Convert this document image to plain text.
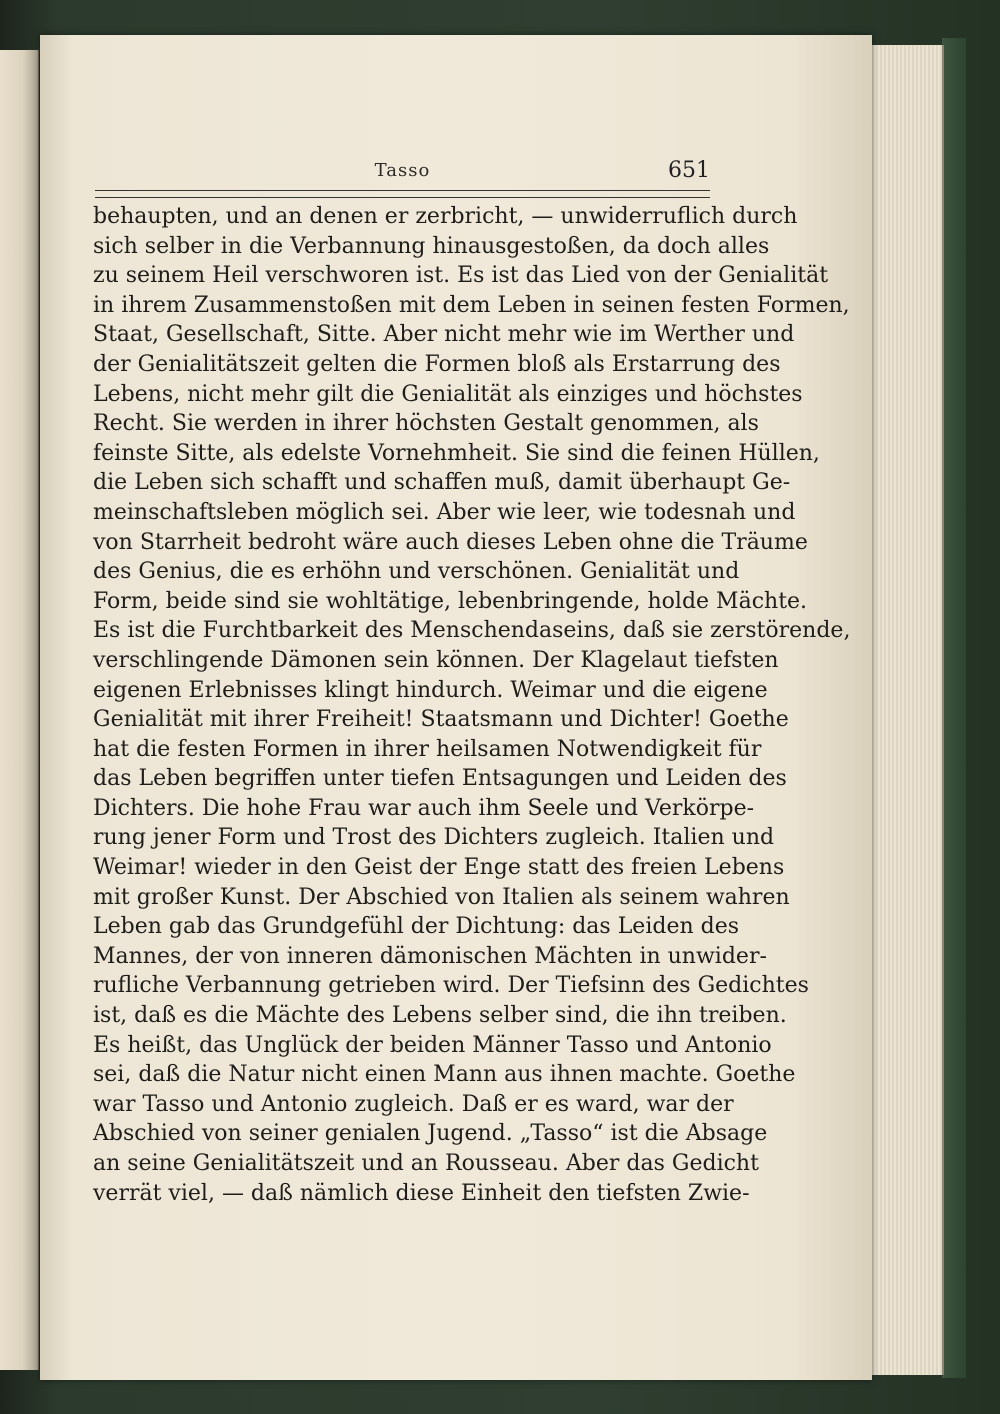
Tasso	651
behaupten, und an denen er zerbricht, — unwiderruflich durch
sich selber in die Verbannung hinausgestoßen, da doch alles
zu seinem Heil verschworen ist. Es ist das Lied von der Genialität
in ihrem Zusammenstoßen mit dem Leben in seinen festen Formen,
Staat, Gesellschaft, Sitte. Aber nicht mehr wie im Werther und
der Genialitätszeit gelten die Formen bloß als Erstarrung des
Lebens, nicht mehr gilt die Genialität als einziges und höchstes
Recht. Sie werden in ihrer höchsten Gestalt genommen, als
feinste Sitte, als edelste Vornehmheit. Sie sind die feinen Hüllen,
die Leben sich schafft und schaffen muß, damit überhaupt Ge-
meinschaftsleben möglich sei. Aber wie leer, wie todesnah und
von Starrheit bedroht wäre auch dieses Leben ohne die Träume
des Genius, die es erhöhn und verschönen. Genialität und
Form, beide sind sie wohltätige, lebenbringende, holde Mächte.
Es ist die Furchtbarkeit des Menschendaseins, daß sie zerstörende,
verschlingende Dämonen sein können. Der Klagelaut tiefsten
eigenen Erlebnisses klingt hindurch. Weimar und die eigene
Genialität mit ihrer Freiheit! Staatsmann und Dichter! Goethe
hat die festen Formen in ihrer heilsamen Notwendigkeit für
das Leben begriffen unter tiefen Entsagungen und Leiden des
Dichters. Die hohe Frau war auch ihm Seele und Verkörpe-
rung jener Form und Trost des Dichters zugleich. Italien und
Weimar! wieder in den Geist der Enge statt des freien Lebens
mit großer Kunst. Der Abschied von Italien als seinem wahren
Leben gab das Grundgefühl der Dichtung: das Leiden des
Mannes, der von inneren dämonischen Mächten in unwider-
rufliche Verbannung getrieben wird. Der Tiefsinn des Gedichtes
ist, daß es die Mächte des Lebens selber sind, die ihn treiben.
Es heißt, das Unglück der beiden Männer Tasso und Antonio
sei, daß die Natur nicht einen Mann aus ihnen machte. Goethe
war Tasso und Antonio zugleich. Daß er es ward, war der
Abschied von seiner genialen Jugend. „Tasso“ ist die Absage
an seine Genialitätszeit und an Rousseau. Aber das Gedicht
verrät viel, — daß nämlich diese Einheit den tiefsten Zwie-
